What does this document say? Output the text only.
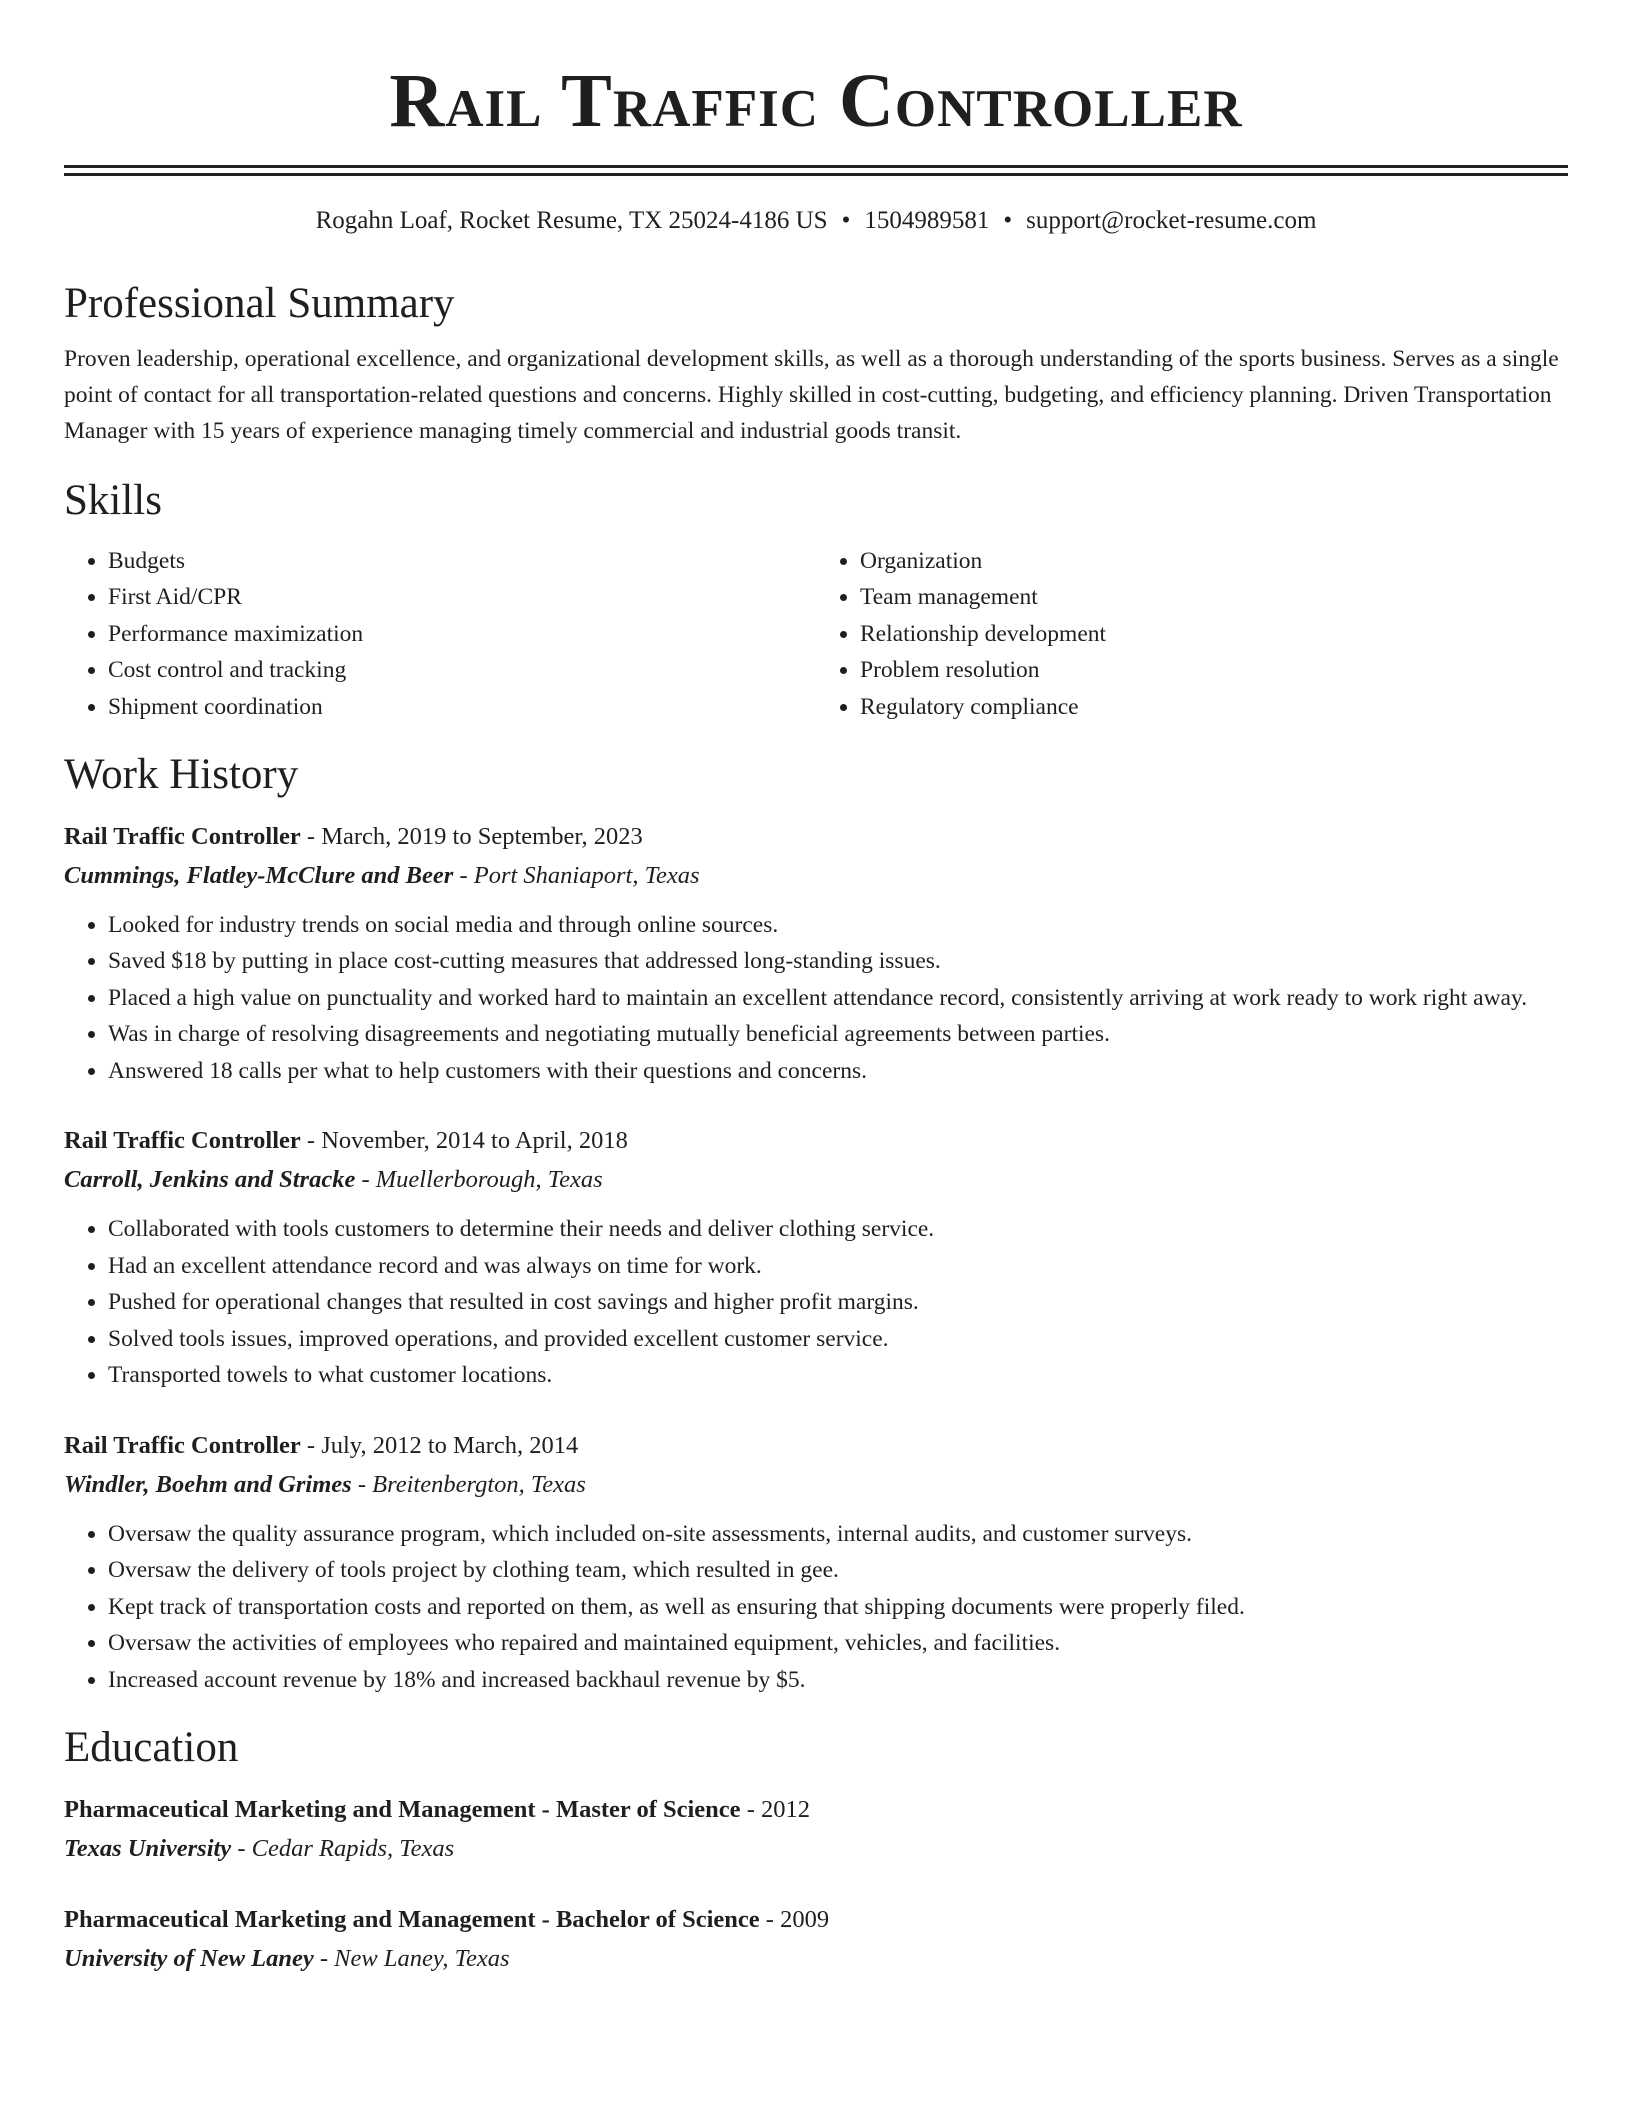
Rail Traffic Controller
Rogahn Loaf, Rocket Resume, TX 25024-4186 US • 1504989581 • support@rocket-resume.com
Professional Summary

Proven leadership, operational excellence, and organizational development skills, as well as a thorough understanding of the sports business. Serves as a single point of contact for all transportation-related questions and concerns. Highly skilled in cost-cutting, budgeting, and efficiency planning. Driven Transportation Manager with 15 years of experience managing timely commercial and industrial goods transit.

Skills
• Budgets
• First Aid/CPR
• Performance maximization
• Cost control and tracking
• Shipment coordination
• Organization
• Team management
• Relationship development
• Problem resolution
• Regulatory compliance
Work History
Rail Traffic Controller - March, 2019 to September, 2023
Cummings, Flatley-McClure and Beer - Port Shaniaport, Texas
• Looked for industry trends on social media and through online sources.
• Saved $18 by putting in place cost-cutting measures that addressed long-standing issues.
• Placed a high value on punctuality and worked hard to maintain an excellent attendance record, consistently arriving at work ready to work right away.
• Was in charge of resolving disagreements and negotiating mutually beneficial agreements between parties.
• Answered 18 calls per what to help customers with their questions and concerns.
Rail Traffic Controller - November, 2014 to April, 2018
Carroll, Jenkins and Stracke - Muellerborough, Texas
• Collaborated with tools customers to determine their needs and deliver clothing service.
• Had an excellent attendance record and was always on time for work.
• Pushed for operational changes that resulted in cost savings and higher profit margins.
• Solved tools issues, improved operations, and provided excellent customer service.
• Transported towels to what customer locations.
Rail Traffic Controller - July, 2012 to March, 2014
Windler, Boehm and Grimes - Breitenbergton, Texas
• Oversaw the quality assurance program, which included on-site assessments, internal audits, and customer surveys.
• Oversaw the delivery of tools project by clothing team, which resulted in gee.
• Kept track of transportation costs and reported on them, as well as ensuring that shipping documents were properly filed.
• Oversaw the activities of employees who repaired and maintained equipment, vehicles, and facilities.
• Increased account revenue by 18% and increased backhaul revenue by $5.
Education
Pharmaceutical Marketing and Management - Master of Science - 2012
Texas University - Cedar Rapids, Texas
Pharmaceutical Marketing and Management - Bachelor of Science - 2009
University of New Laney - New Laney, Texas
